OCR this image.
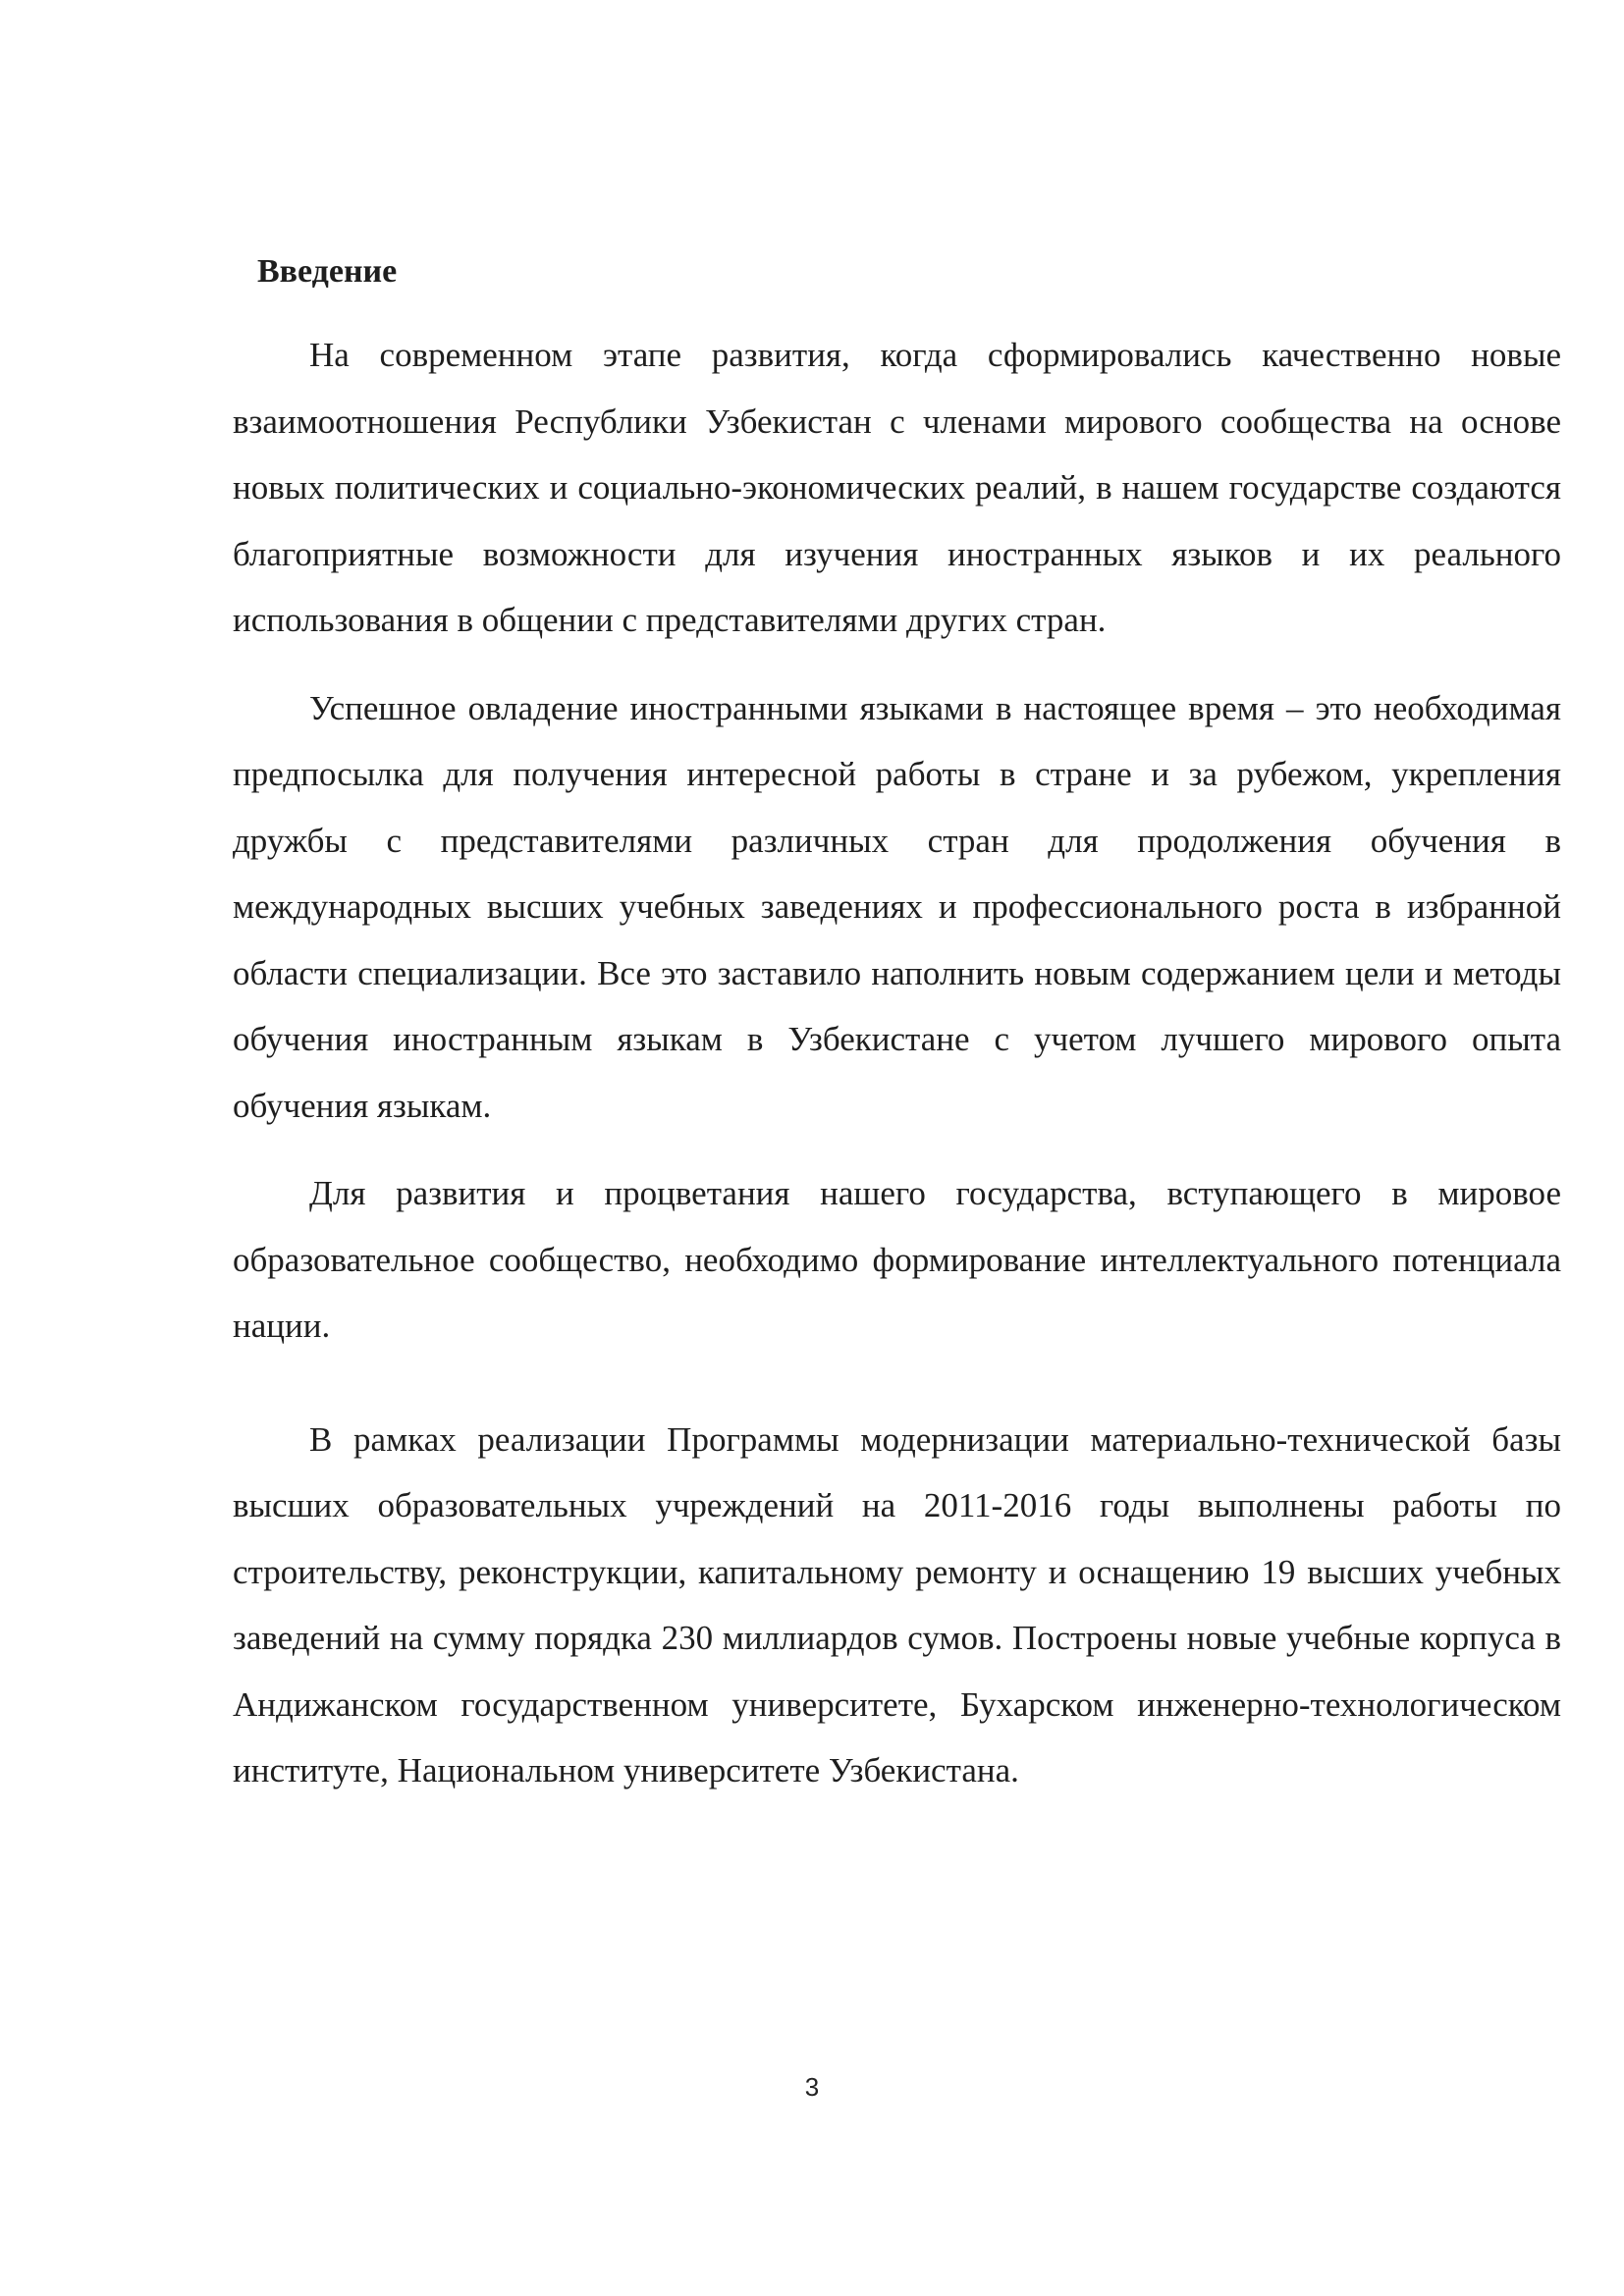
Введение

На современном этапе развития, когда сформировались качественно новые взаимоотношения Республики Узбекистан с членами мирового сообщества на основе новых политических и социально-экономических реалий, в нашем государстве создаются благоприятные возможности для изучения иностранных языков и их реального использования в общении с представителями других стран.

Успешное овладение иностранными языками в настоящее время – это необходимая предпосылка для получения интересной работы в стране и за рубежом, укрепления дружбы с представителями различных стран для продолжения обучения в международных высших учебных заведениях и профессионального роста в избранной области специализации. Все это заставило наполнить новым содержанием цели и методы обучения иностранным языкам в Узбекистане с учетом лучшего мирового опыта обучения языкам.

Для развития и процветания нашего государства, вступающего в мировое образовательное сообщество, необходимо формирование интеллектуального потенциала нации.

В рамках реализации Программы модернизации материально-технической базы высших образовательных учреждений на 2011-2016 годы выполнены работы по строительству, реконструкции, капитальному ремонту и оснащению 19 высших учебных заведений на сумму порядка 230 миллиардов сумов. Построены новые учебные корпуса в Андижанском государственном университете, Бухарском инженерно-технологическом институте, Национальном университете Узбекистана.

3
